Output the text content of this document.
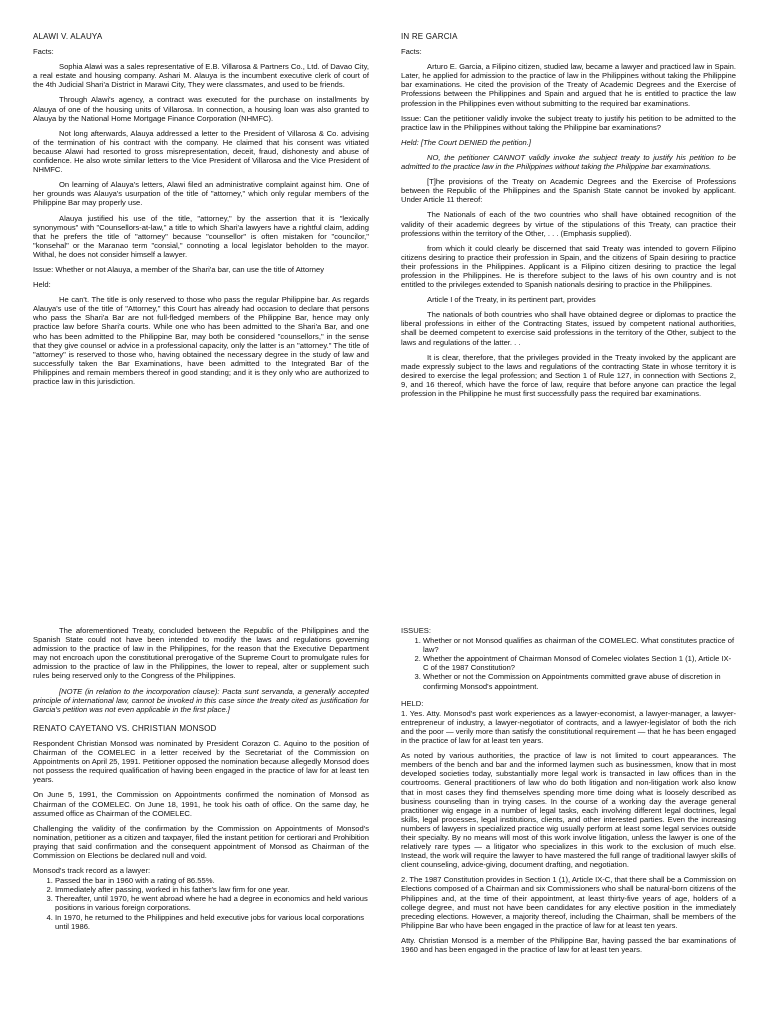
ALAWI V. ALAUYA

Facts:

Sophia Alawi was a sales representative of E.B. Villarosa & Partners Co., Ltd. of Davao City, a real estate and housing company. Ashari M. Alauya is the incumbent executive clerk of court of the 4th Judicial Shari'a District in Marawi City, They were classmates, and used to be friends.

Through Alawi's agency, a contract was executed for the purchase on installments by Alauya of one of the housing units of Villarosa. In connection, a housing loan was also granted to Alauya by the National Home Mortgage Finance Corporation (NHMFC).

Not long afterwards, Alauya addressed a letter to the President of Villarosa & Co. advising of the termination of his contract with the company. He claimed that his consent was vitiated because Alawi had resorted to gross misrepresentation, deceit, fraud, dishonesty and abuse of confidence. He also wrote similar letters to the Vice President of Villarosa and the Vice President of NHMFC.

On learning of Alauya's letters, Alawi filed an administrative complaint against him. One of her grounds was Alauya's usurpation of the title of "attorney," which only regular members of the Philippine Bar may properly use.

Alauya justified his use of the title, "attorney," by the assertion that it is "lexically synonymous" with "Counsellors-at-law," a title to which Shari'a lawyers have a rightful claim, adding that he prefers the title of "attorney" because "counsellor" is often mistaken for "councilor," "konsehal" or the Maranao term "consial," connoting a local legislator beholden to the mayor. Withal, he does not consider himself a lawyer.

Issue: Whether or not Alauya, a member of the Shari'a bar, can use the title of Attorney

Held:

He can't. The title is only reserved to those who pass the regular Philippine bar. As regards Alauya's use of the title of "Attorney," this Court has already had occasion to declare that persons who pass the Shari'a Bar are not full-fledged members of the Philippine Bar, hence may only practice law before Shari'a courts. While one who has been admitted to the Shari'a Bar, and one who has been admitted to the Philippine Bar, may both be considered "counsellors," in the sense that they give counsel or advice in a professional capacity, only the latter is an "attorney." The title of "attorney" is reserved to those who, having obtained the necessary degree in the study of law and successfully taken the Bar Examinations, have been admitted to the Integrated Bar of the Philippines and remain members thereof in good standing; and it is they only who are authorized to practice law in this jurisdiction.

IN RE GARCIA

Facts:

Arturo E. Garcia, a Filipino citizen, studied law, became a lawyer and practiced law in Spain. Later, he applied for admission to the practice of law in the Philippines without taking the Philippine bar examinations. He cited the provision of the Treaty of Academic Degrees and the Exercise of Professions between the Philippines and Spain and argued that he is entitled to practice the law profession in the Philippines even without submitting to the required bar examinations.

Issue: Can the petitioner validly invoke the subject treaty to justify his petition to be admitted to the practice law in the Philippines without taking the Philippine bar examinations?

Held: [The Court DENIED the petition.]

NO, the petitioner CANNOT validly invoke the subject treaty to justify his petition to be admitted to the practice law in the Philippines without taking the Philippine bar examinations.

[T]he provisions of the Treaty on Academic Degrees and the Exercise of Professions between the Republic of the Philippines and the Spanish State cannot be invoked by applicant. Under Article 11 thereof:

The Nationals of each of the two countries who shall have obtained recognition of the validity of their academic degrees by virtue of the stipulations of this Treaty, can practice their professions within the territory of the Other, . . . (Emphasis supplied).

from which it could clearly be discerned that said Treaty was intended to govern Filipino citizens desiring to practice their profession in Spain, and the citizens of Spain desiring to practice their professions in the Philippines. Applicant is a Filipino citizen desiring to practice the legal profession in the Philippines. He is therefore subject to the laws of his own country and is not entitled to the privileges extended to Spanish nationals desiring to practice in the Philippines.

Article I of the Treaty, in its pertinent part, provides

The nationals of both countries who shall have obtained degree or diplomas to practice the liberal professions in either of the Contracting States, issued by competent national authorities, shall be deemed competent to exercise said professions in the territory of the Other, subject to the laws and regulations of the latter. . .

It is clear, therefore, that the privileges provided in the Treaty invoked by the applicant are made expressly subject to the laws and regulations of the contracting State in whose territory it is desired to exercise the legal profession; and Section 1 of Rule 127, in connection with Sections 2, 9, and 16 thereof, which have the force of law, require that before anyone can practice the legal profession in the Philippine he must first successfully pass the required bar examinations.

The aforementioned Treaty, concluded between the Republic of the Philippines and the Spanish State could not have been intended to modify the laws and regulations governing admission to the practice of law in the Philippines, for the reason that the Executive Department may not encroach upon the constitutional prerogative of the Supreme Court to promulgate rules for admission to the practice of law in the Philippines, the lower to repeal, alter or supplement such rules being reserved only to the Congress of the Philippines.

[NOTE (in relation to the incorporation clause): Pacta sunt servanda, a generally accepted principle of international law, cannot be invoked in this case since the treaty cited as justification for Garcia's petition was not even applicable in the first place.]

RENATO CAYETANO VS. CHRISTIAN MONSOD

Respondent Christian Monsod was nominated by President Corazon C. Aquino to the position of Chairman of the COMELEC in a letter received by the Secretariat of the Commission on Appointments on April 25, 1991. Petitioner opposed the nomination because allegedly Monsod does not possess the required qualification of having been engaged in the practice of law for at least ten years.

On June 5, 1991, the Commission on Appointments confirmed the nomination of Monsod as Chairman of the COMELEC. On June 18, 1991, he took his oath of office. On the same day, he assumed office as Chairman of the COMELEC.

Challenging the validity of the confirmation by the Commission on Appointments of Monsod's nomination, petitioner as a citizen and taxpayer, filed the instant petition for certiorari and Prohibition praying that said confirmation and the consequent appointment of Monsod as Chairman of the Commission on Elections be declared null and void.

Monsod's track record as a lawyer:

1. Passed the bar in 1960 with a rating of 86.55%.
2. Immediately after passing, worked in his father's law firm for one year.
3. Thereafter, until 1970, he went abroad where he had a degree in economics and held various positions in various foreign corporations.
4. In 1970, he returned to the Philippines and held executive jobs for various local corporations until 1986.

ISSUES:

1. Whether or not Monsod qualifies as chairman of the COMELEC. What constitutes practice of law?
2. Whether the appointment of Chairman Monsod of Comelec violates Section 1 (1), Article IX-C of the 1987 Constitution?
3. Whether or not the Commission on Appointments committed grave abuse of discretion in confirming Monsod's appointment.

HELD:

1. Yes. Atty. Monsod's past work experiences as a lawyer-economist, a lawyer-manager, a lawyer-entrepreneur of industry, a lawyer-negotiator of contracts, and a lawyer-legislator of both the rich and the poor — verily more than satisfy the constitutional requirement — that he has been engaged in the practice of law for at least ten years.

As noted by various authorities, the practice of law is not limited to court appearances. The members of the bench and bar and the informed laymen such as businessmen, know that in most developed societies today, substantially more legal work is transacted in law offices than in the courtrooms. General practitioners of law who do both litigation and non-litigation work also know that in most cases they find themselves spending more time doing what is loosely described as business counseling than in trying cases. In the course of a working day the average general practitioner wig engage in a number of legal tasks, each involving different legal doctrines, legal skills, legal processes, legal institutions, clients, and other interested parties. Even the increasing numbers of lawyers in specialized practice wig usually perform at least some legal services outside their specialty. By no means will most of this work involve litigation, unless the lawyer is one of the relatively rare types — a litigator who specializes in this work to the exclusion of much else. Instead, the work will require the lawyer to have mastered the full range of traditional lawyer skills of client counseling, advice-giving, document drafting, and negotiation.

2. The 1987 Constitution provides in Section 1 (1), Article IX-C, that there shall be a Commission on Elections composed of a Chairman and six Commissioners who shall be natural-born citizens of the Philippines and, at the time of their appointment, at least thirty-five years of age, holders of a college degree, and must not have been candidates for any elective position in the immediately preceding elections. However, a majority thereof, including the Chairman, shall be members of the Philippine Bar who have been engaged in the practice of law for at least ten years.

Atty. Christian Monsod is a member of the Philippine Bar, having passed the bar examinations of 1960 and has been engaged in the practice of law for at least ten years.
